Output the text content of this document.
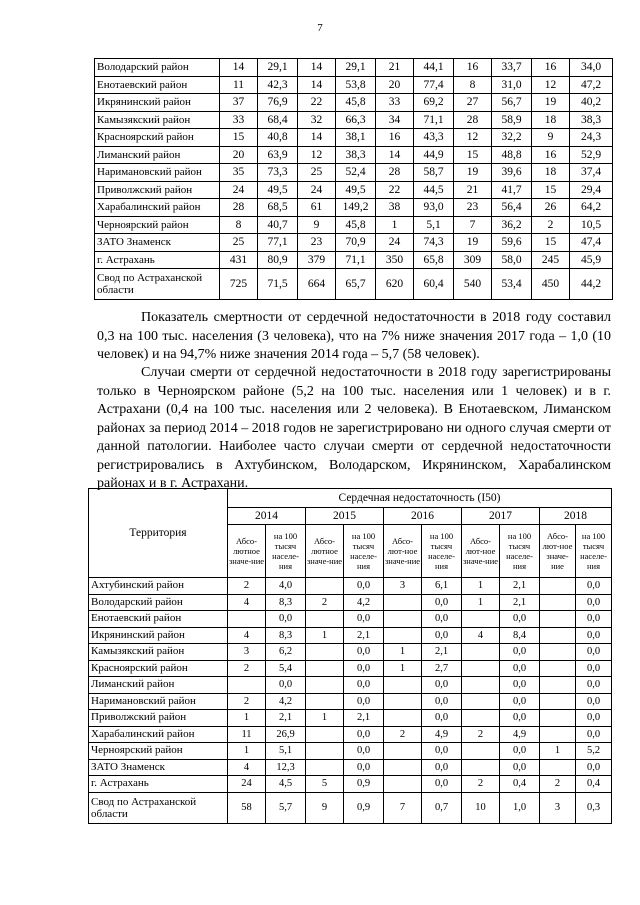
7
Володарский район	14	29,1	14	29,1	21	44,1	16	33,7	16	34,0
Енотаевский район	11	42,3	14	53,8	20	77,4	8	31,0	12	47,2
Икрянинский район	37	76,9	22	45,8	33	69,2	27	56,7	19	40,2
Камызякский район	33	68,4	32	66,3	34	71,1	28	58,9	18	38,3
Красноярский район	15	40,8	14	38,1	16	43,3	12	32,2	9	24,3
Лиманский район	20	63,9	12	38,3	14	44,9	15	48,8	16	52,9
Наримановский район	35	73,3	25	52,4	28	58,7	19	39,6	18	37,4
Приволжский район	24	49,5	24	49,5	22	44,5	21	41,7	15	29,4
Харабалинский район	28	68,5	61	149,2	38	93,0	23	56,4	26	64,2
Черноярский район	8	40,7	9	45,8	1	5,1	7	36,2	2	10,5
ЗАТО Знаменск	25	77,1	23	70,9	24	74,3	19	59,6	15	47,4
г. Астрахань	431	80,9	379	71,1	350	65,8	309	58,0	245	45,9
Свод по Астраханской области	725	71,5	664	65,7	620	60,4	540	53,4	450	44,2

Показатель смертности от сердечной недостаточности в 2018 году составил 0,3 на 100 тыс. населения (3 человека), что на 7% ниже значения 2017 года – 1,0 (10 человек) и на 94,7% ниже значения 2014 года – 5,7 (58 человек).

Случаи смерти от сердечной недостаточности в 2018 году зарегистрированы только в Черноярском районе (5,2 на 100 тыс. населения или 1 человек) и в г. Астрахани (0,4 на 100 тыс. населения или 2 человека). В Енотаевском, Лиманском районах за период 2014 – 2018 годов не зарегистрировано ни одного случая смерти от данной патологии. Наиболее часто случаи смерти от сердечной недостаточности регистрировались в Ахтубинском, Володарском, Икрянинском, Харабалинском районах и в г. Астрахани.

Территория	Сердечная недостаточность (I50)									
	2014		2015		2016		2017		2018	
	Абсо-лютное значе-ние	на 100 тысяч населе-ния	Абсо-лютное значе-ние	на 100 тысяч населе-ния	Абсо-лют-ное значе-ние	на 100 тысяч населе-ния	Абсо-лют-ное значе-ние	на 100 тысяч населе-ния	Абсо-лют-ное значе-ние	на 100 тысяч населе-ния
Ахтубинский район	2	4,0		0,0	3	6,1	1	2,1		0,0
Володарский район	4	8,3	2	4,2		0,0	1	2,1		0,0
Енотаевский район		0,0		0,0		0,0		0,0		0,0
Икрянинский район	4	8,3	1	2,1		0,0	4	8,4		0,0
Камызякский район	3	6,2		0,0	1	2,1		0,0		0,0
Красноярский район	2	5,4		0,0	1	2,7		0,0		0,0
Лиманский район		0,0		0,0		0,0		0,0		0,0
Наримановский район	2	4,2		0,0		0,0		0,0		0,0
Приволжский район	1	2,1	1	2,1		0,0		0,0		0,0
Харабалинский район	11	26,9		0,0	2	4,9	2	4,9		0,0
Черноярский район	1	5,1		0,0		0,0		0,0	1	5,2
ЗАТО Знаменск	4	12,3		0,0		0,0		0,0		0,0
г. Астрахань	24	4,5	5	0,9		0,0	2	0,4	2	0,4
Свод по Астраханской области	58	5,7	9	0,9	7	0,7	10	1,0	3	0,3
